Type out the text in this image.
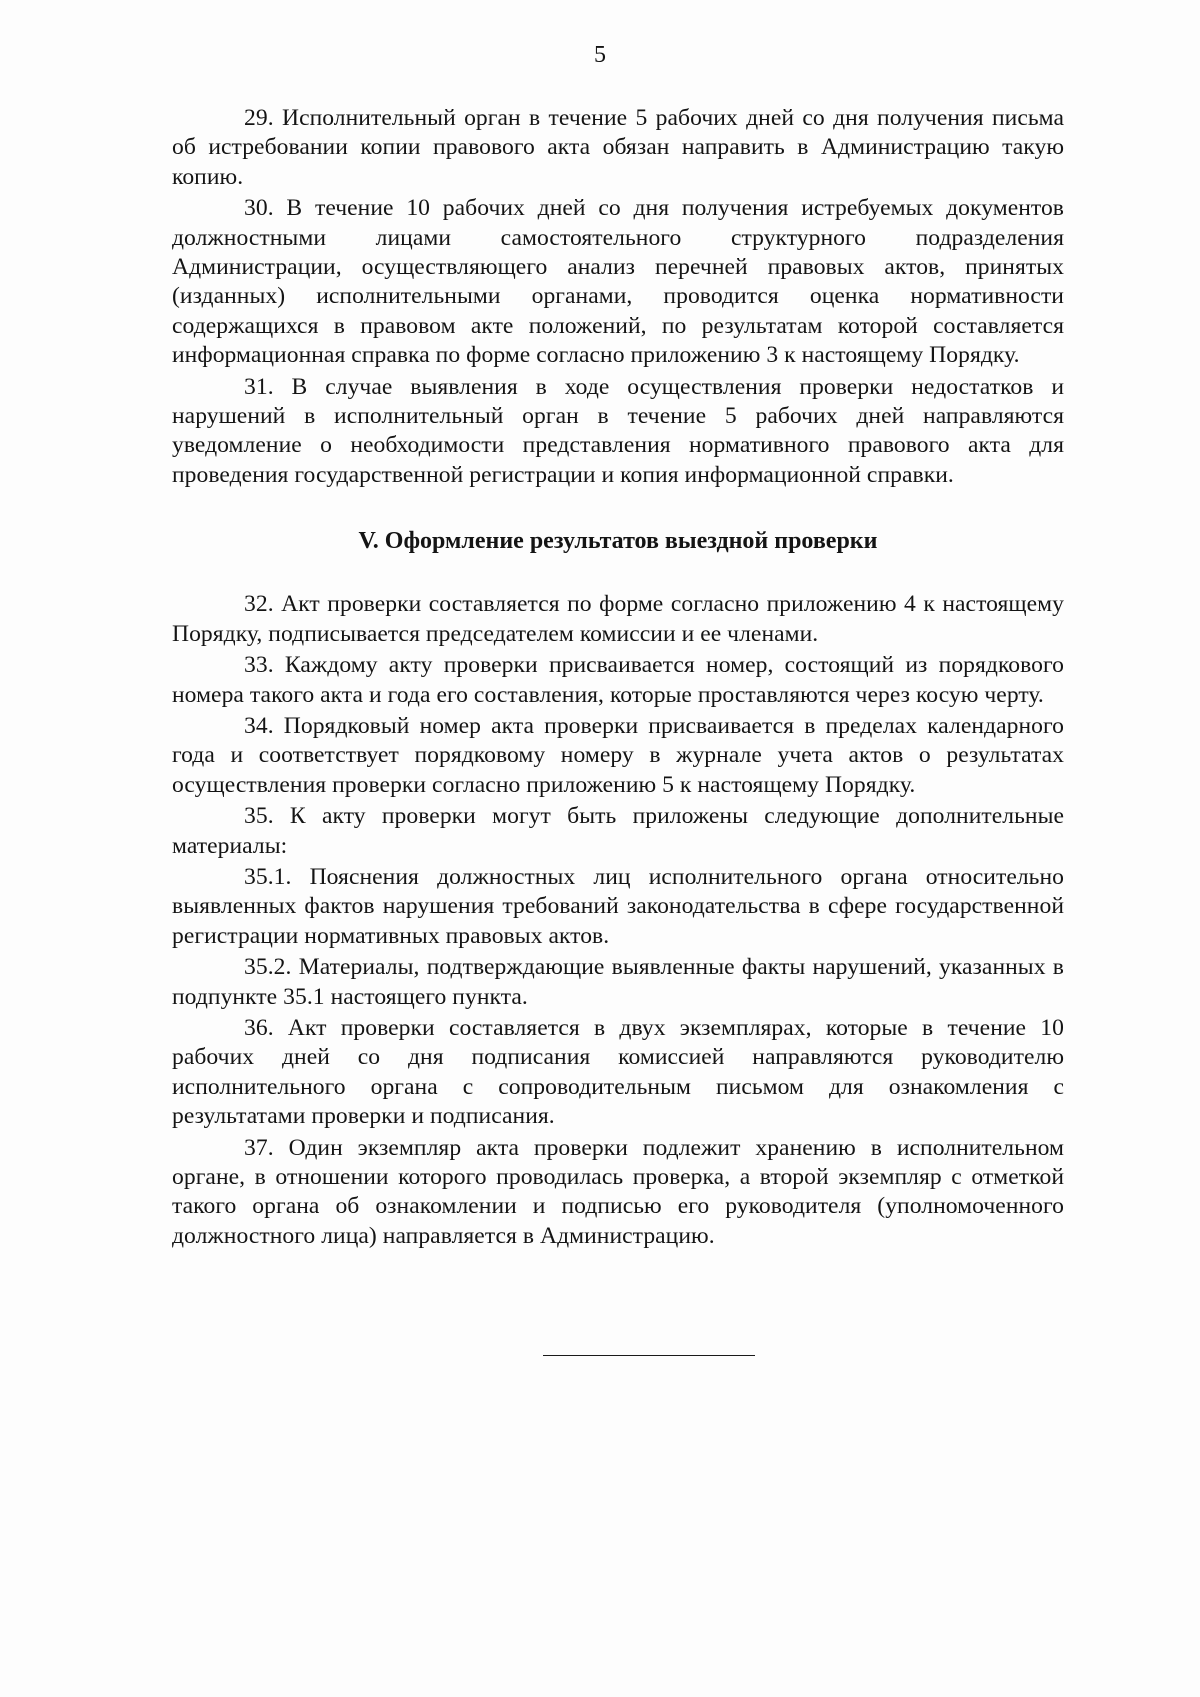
5

29. Исполнительный орган в течение 5 рабочих дней со дня получения письма об истребовании копии правового акта обязан направить в Администрацию такую копию.

30. В течение 10 рабочих дней со дня получения истребуемых документов должностными лицами самостоятельного структурного подразделения Администрации, осуществляющего анализ перечней правовых актов, принятых (изданных) исполнительными органами, проводится оценка нормативности содержащихся в правовом акте положений, по результатам которой составляется информационная справка по форме согласно приложению 3 к настоящему Порядку.

31. В случае выявления в ходе осуществления проверки недостатков и нарушений в исполнительный орган в течение 5 рабочих дней направляются уведомление о необходимости представления нормативного правового акта для проведения государственной регистрации и копия информационной справки.

V. Оформление результатов выездной проверки

32. Акт проверки составляется по форме согласно приложению 4 к настоящему Порядку, подписывается председателем комиссии и ее членами.

33. Каждому акту проверки присваивается номер, состоящий из порядкового номера такого акта и года его составления, которые проставляются через косую черту.

34. Порядковый номер акта проверки присваивается в пределах календарного года и соответствует порядковому номеру в журнале учета актов о результатах осуществления проверки согласно приложению 5 к настоящему Порядку.

35. К акту проверки могут быть приложены следующие дополнительные материалы:

35.1. Пояснения должностных лиц исполнительного органа относительно выявленных фактов нарушения требований законодательства в сфере государственной регистрации нормативных правовых актов.

35.2. Материалы, подтверждающие выявленные факты нарушений, указанных в подпункте 35.1 настоящего пункта.

36. Акт проверки составляется в двух экземплярах, которые в течение 10 рабочих дней со дня подписания комиссией направляются руководителю исполнительного органа с сопроводительным письмом для ознакомления с результатами проверки и подписания.

37. Один экземпляр акта проверки подлежит хранению в исполнительном органе, в отношении которого проводилась проверка, а второй экземпляр с отметкой такого органа об ознакомлении и подписью его руководителя (уполномоченного должностного лица) направляется в Администрацию.
